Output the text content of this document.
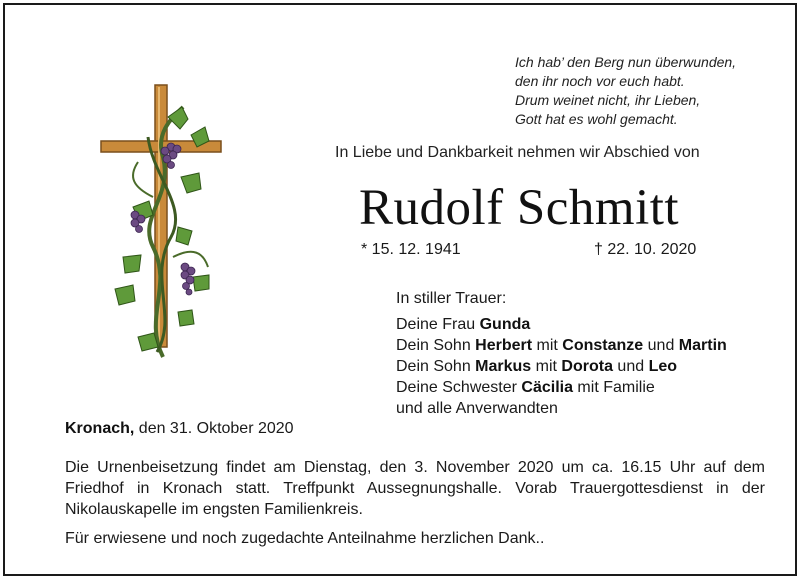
Ich hab’ den Berg nun überwunden,
den ihr noch vor euch habt.
Drum weinet nicht, ihr Lieben,
Gott hat es wohl gemacht.
In Liebe und Dankbarkeit nehmen wir Abschied von
Rudolf Schmitt
* 15. 12. 1941	† 22. 10. 2020
In stiller Trauer:
Deine Frau Gunda
Dein Sohn Herbert mit Constanze und Martin
Dein Sohn Markus mit Dorota und Leo
Deine Schwester Cäcilia mit Familie
und alle Anverwandten
Kronach, den 31. Oktober 2020
Die Urnenbeisetzung findet am Dienstag, den 3. November 2020 um ca. 16.15 Uhr auf dem Friedhof in Kronach statt. Treffpunkt Aussegnungshalle. Vorab Trauergottesdienst in der Nikolauskapelle im engsten Familienkreis.
Für erwiesene und noch zugedachte Anteilnahme herzlichen Dank..
